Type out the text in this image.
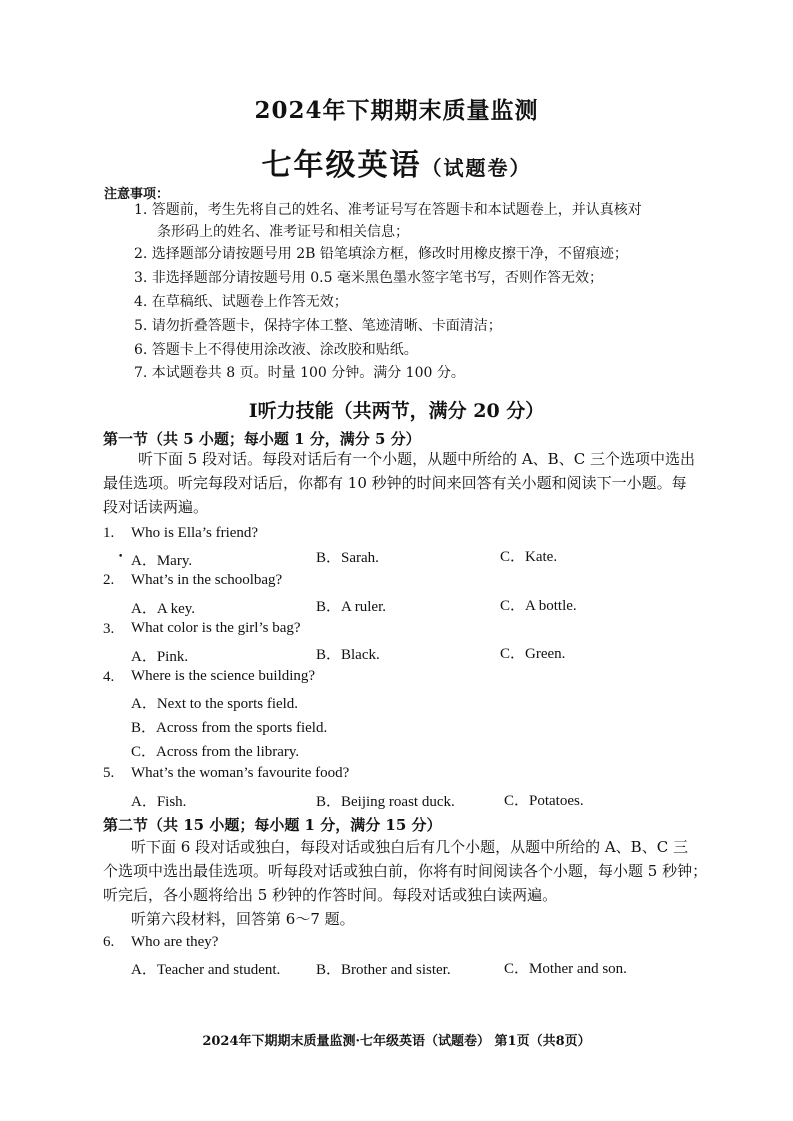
2024年下期期末质量监测
七年级英语（试题卷）
注意事项：
1. 答题前，考生先将自己的姓名、准考证号写在答题卡和本试题卷上，并认真核对
条形码上的姓名、准考证号和相关信息；
2. 选择题部分请按题号用 2B 铅笔填涂方框，修改时用橡皮擦干净，不留痕迹；
3. 非选择题部分请按题号用 0.5 毫米黑色墨水签字笔书写，否则作答无效；
4. 在草稿纸、试题卷上作答无效；
5. 请勿折叠答题卡，保持字体工整、笔迹清晰、卡面清洁；
6. 答题卡上不得使用涂改液、涂改胶和贴纸。
7. 本试题卷共 8 页。时量 100 分钟。满分 100 分。
Ⅰ听力技能（共两节，满分 20 分）
第一节（共 5 小题；每小题 1 分，满分 5 分）
听下面 5 段对话。每段对话后有一个小题，从题中所给的 A、B、C 三个选项中选出
最佳选项。听完每段对话后，你都有 10 秒钟的时间来回答有关小题和阅读下一小题。每
段对话读两遍。
1. Who is Ella’s friend?
• A．Mary.	B．Sarah.	C．Kate.
2. What’s in the schoolbag?
A．A key.	B．A ruler.	C．A bottle.
3. What color is the girl’s bag?
A．Pink.	B．Black.	C．Green.
4. Where is the science building?
A．Next to the sports field.
B．Across from the sports field.
C．Across from the library.
5. What’s the woman’s favourite food?
A．Fish.	B．Beijing roast duck.	C．Potatoes.
第二节（共 15 小题；每小题 1 分，满分 15 分）
听下面 6 段对话或独白，每段对话或独白后有几个小题，从题中所给的 A、B、C 三
个选项中选出最佳选项。听每段对话或独白前，你将有时间阅读各个小题，每小题 5 秒钟；
听完后，各小题将给出 5 秒钟的作答时间。每段对话或独白读两遍。
听第六段材料，回答第 6～7 题。
6. Who are they?
A．Teacher and student. B．Brother and sister.	C．Mother and son.
2024年下期期末质量监测·七年级英语（试题卷） 第1页（共8页）
